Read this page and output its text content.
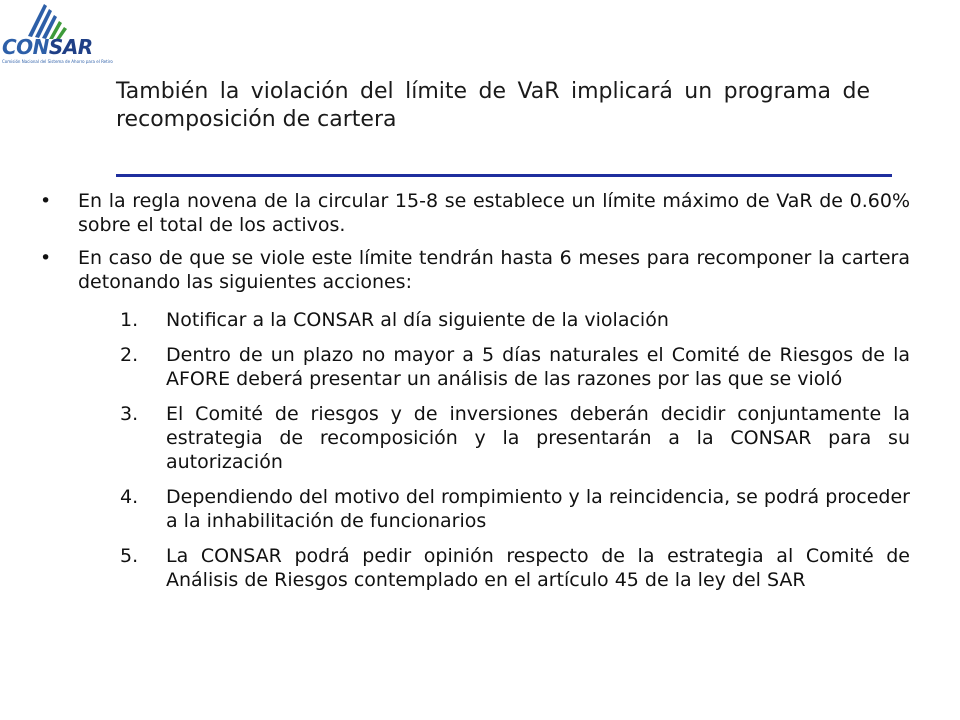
CONSAR
Comisión Nacional del Sistema de Ahorro para el Retiro
También la violación del límite de VaR implicará un programa de recomposición de cartera
•	En la regla novena de la circular 15-8 se establece un límite máximo de VaR de 0.60% sobre el total de los activos.
•	En caso de que se viole este límite tendrán hasta 6 meses para recomponer la cartera detonando las siguientes acciones:
1.	Notificar a la CONSAR al día siguiente de la violación
2.	Dentro de un plazo no mayor a 5 días naturales el Comité de Riesgos de la AFORE deberá presentar un análisis de las razones por las que se violó
3.	El Comité de riesgos y de inversiones deberán decidir conjuntamente la estrategia de recomposición y la presentarán a la CONSAR para su autorización
4.	Dependiendo del motivo del rompimiento y la reincidencia, se podrá proceder a la inhabilitación de funcionarios
5.	La CONSAR podrá pedir opinión respecto de la estrategia al Comité de Análisis de Riesgos contemplado en el artículo 45 de la ley del SAR
